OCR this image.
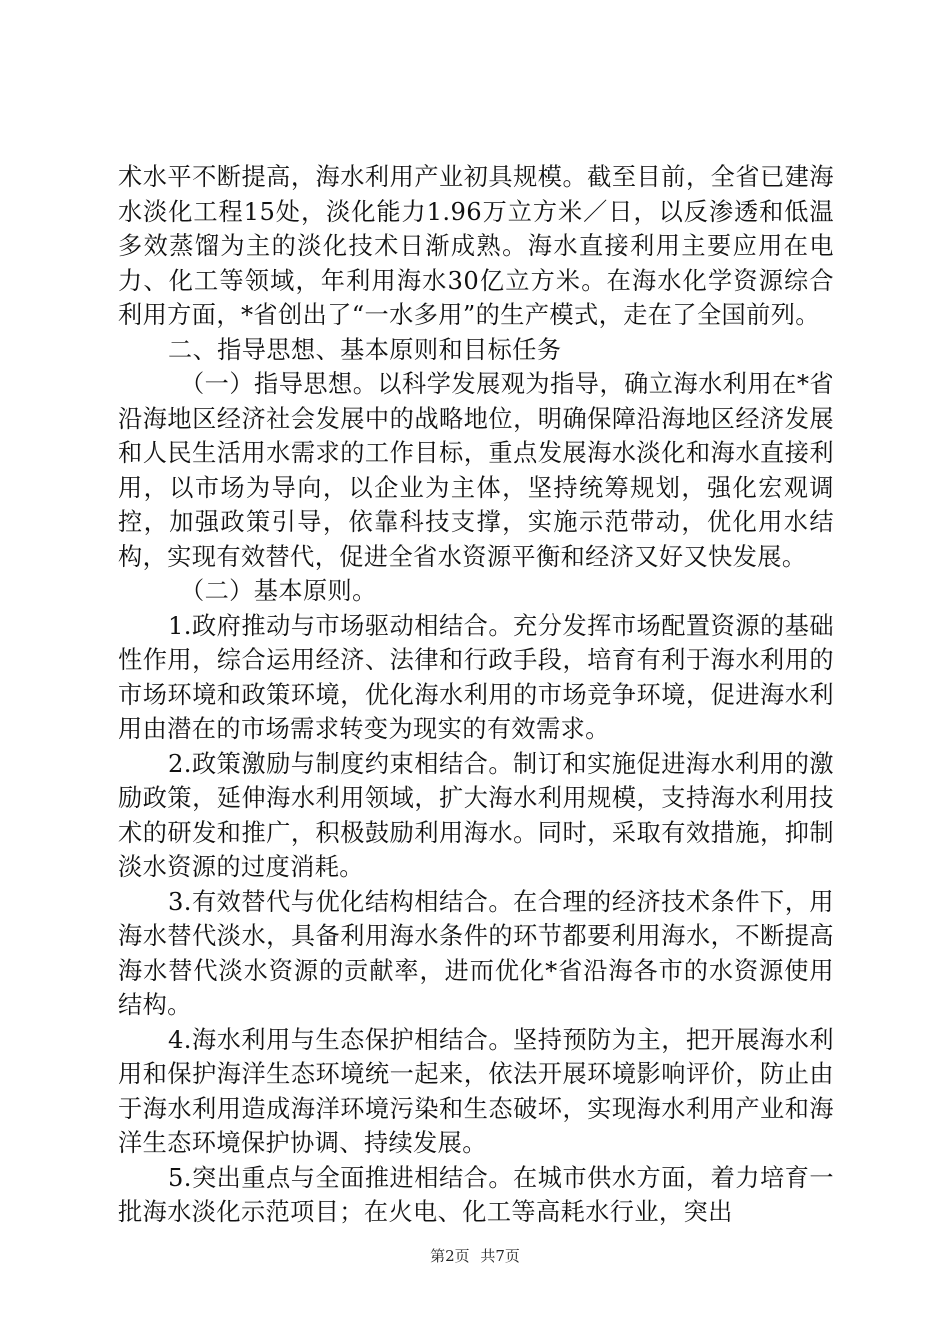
术水平不断提高，海水利用产业初具规模。截至目前，全省已建海水淡化工程15处，淡化能力1.96万立方米／日，以反渗透和低温多效蒸馏为主的淡化技术日渐成熟。海水直接利用主要应用在电力、化工等领域，年利用海水30亿立方米。在海水化学资源综合利用方面，*省创出了“一水多用”的生产模式，走在了全国前列。

二、指导思想、基本原则和目标任务

（一）指导思想。以科学发展观为指导，确立海水利用在*省沿海地区经济社会发展中的战略地位，明确保障沿海地区经济发展和人民生活用水需求的工作目标，重点发展海水淡化和海水直接利用，以市场为导向，以企业为主体，坚持统筹规划，强化宏观调控，加强政策引导，依靠科技支撑，实施示范带动，优化用水结构，实现有效替代，促进全省水资源平衡和经济又好又快发展。

（二）基本原则。

1.政府推动与市场驱动相结合。充分发挥市场配置资源的基础性作用，综合运用经济、法律和行政手段，培育有利于海水利用的市场环境和政策环境，优化海水利用的市场竞争环境，促进海水利用由潜在的市场需求转变为现实的有效需求。

2.政策激励与制度约束相结合。制订和实施促进海水利用的激励政策，延伸海水利用领域，扩大海水利用规模，支持海水利用技术的研发和推广，积极鼓励利用海水。同时，采取有效措施，抑制淡水资源的过度消耗。

3.有效替代与优化结构相结合。在合理的经济技术条件下，用海水替代淡水，具备利用海水条件的环节都要利用海水，不断提高海水替代淡水资源的贡献率，进而优化*省沿海各市的水资源使用结构。

4.海水利用与生态保护相结合。坚持预防为主，把开展海水利用和保护海洋生态环境统一起来，依法开展环境影响评价，防止由于海水利用造成海洋环境污染和生态破坏，实现海水利用产业和海洋生态环境保护协调、持续发展。

5.突出重点与全面推进相结合。在城市供水方面，着力培育一批海水淡化示范项目；在火电、化工等高耗水行业，突出

第2页 共7页
